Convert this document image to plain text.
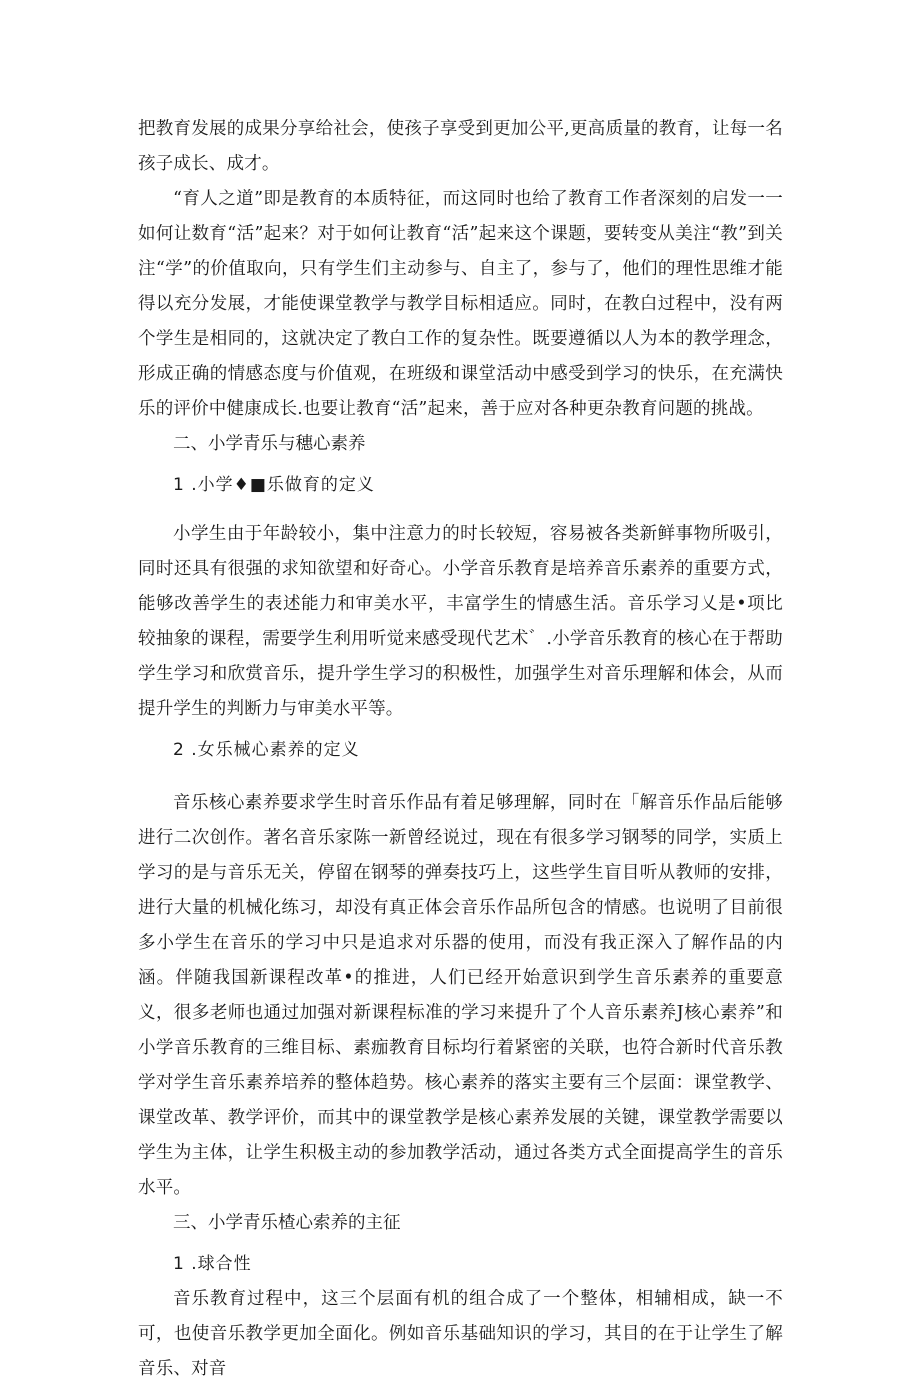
把教育发展的成果分享给社会，使孩子享受到更加公平,更高质量的教育，让每一名孩子成长、成才。

“育人之道”即是教育的本质特征，而这同时也给了教育工作者深刻的启发一一如何让数育“活”起来？对于如何让教育“活”起来这个课题，要转变从美注“教”到关注“学”的价值取向，只有学生们主动参与、自主了，参与了，他们的理性思维才能得以充分发展，才能使课堂教学与教学目标相适应。同时，在教白过程中，没有两个学生是相同的，这就决定了教白工作的复杂性。既要遵循以人为本的教学理念，形成正确的情感态度与价值观，在班级和课堂活动中感受到学习的快乐，在充满快乐的评价中健康成长.也要让教育“活”起来，善于应对各种更杂教育问题的挑战。

二、小学青乐与穗心素养

1 .小学♦■乐做育的定义

小学生由于年龄较小，集中注意力的时长较短，容易被各类新鲜事物所吸引，同时还具有很强的求知欲望和好奇心。小学音乐教育是培养音乐素养的重要方式，能够改善学生的表述能力和审美水平，丰富学生的情感生活。音乐学习乂是•项比较抽象的课程，需要学生利用听觉来感受现代艺术゛.小学音乐教育的核心在于帮助学生学习和欣赏音乐，提升学生学习的积极性，加强学生对音乐理解和体会，从而提升学生的判断力与审美水平等。

2 .女乐械心素养的定义

音乐核心素养要求学生时音乐作品有着足够理解，同时在「解音乐作品后能够进行二次创作。著名音乐家陈一新曾经说过，现在有很多学习钢琴的同学，实质上学习的是与音乐无关，停留在钢琴的弹奏技巧上，这些学生盲目听从教师的安排，进行大量的机械化练习，却没有真正体会音乐作品所包含的情感。也说明了目前很多小学生在音乐的学习中只是追求对乐器的使用，而没有我正深入了解作品的内涵。伴随我国新课程改革•的推进，人们已经开始意识到学生音乐素养的重要意义，很多老师也通过加强对新课程标准的学习来提升了个人音乐素养J核心素养”和小学音乐教育的三维目标、素痂教育目标均行着紧密的关联，也符合新时代音乐教学对学生音乐素养培养的整体趋势。核心素养的落实主要有三个层面：课堂教学、课堂改革、教学评价，而其中的课堂教学是核心素养发展的关键，课堂教学需要以学生为主体，让学生积极主动的参加教学活动，通过各类方式全面提高学生的音乐水平。

三、小学青乐楂心索养的主征

1 .球合性

音乐教育过程中，这三个层面有机的组合成了一个整体，相辅相成，缺一不可，也使音乐教学更加全面化。例如音乐基础知识的学习，其目的在于让学生了解音乐、对音
